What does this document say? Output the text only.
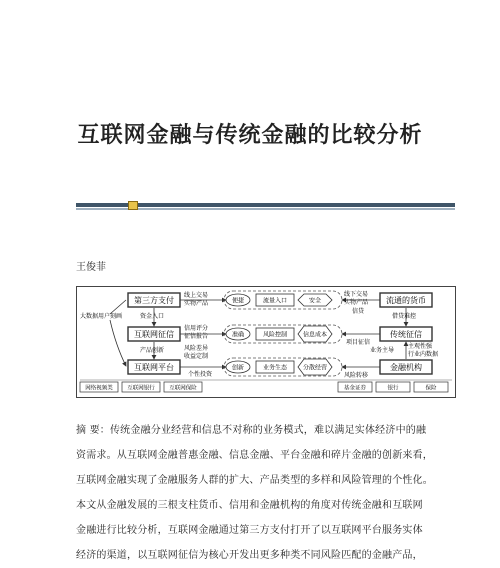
互联网金融与传统金融的比较分析
王俊菲
第三方支付
互联网征信
互联网平台
大数据用户刻画	资金入口
产品创新
线上交易
实物产品
信用评分
征信报告
风险差异
收益定制
个性投资
便捷
准确
创新
流量入口
风险控制
业务生态
安全
信息成本
分散经营
线下交易
实物产品
信贷
项目征信
风险转移
流通的货币
传统征信
金融机构
借贷难控
业务主导
主观性强
行业内数据
网络视频类	互联网银行	互联网保险	基金证券	银行	保险

摘 要：传统金融分业经营和信息不对称的业务模式，难以满足实体经济中的融

资需求。从互联网金融普惠金融、信息金融、平台金融和碎片金融的创新来看，

互联网金融实现了金融服务人群的扩大、产品类型的多样和风险管理的个性化。

本文从金融发展的三根支柱货币、信用和金融机构的角度对传统金融和互联网

金融进行比较分析，互联网金融通过第三方支付打开了以互联网平台服务实体

经济的渠道，以互联网征信为核心开发出更多种类不同风险匹配的金融产品，
